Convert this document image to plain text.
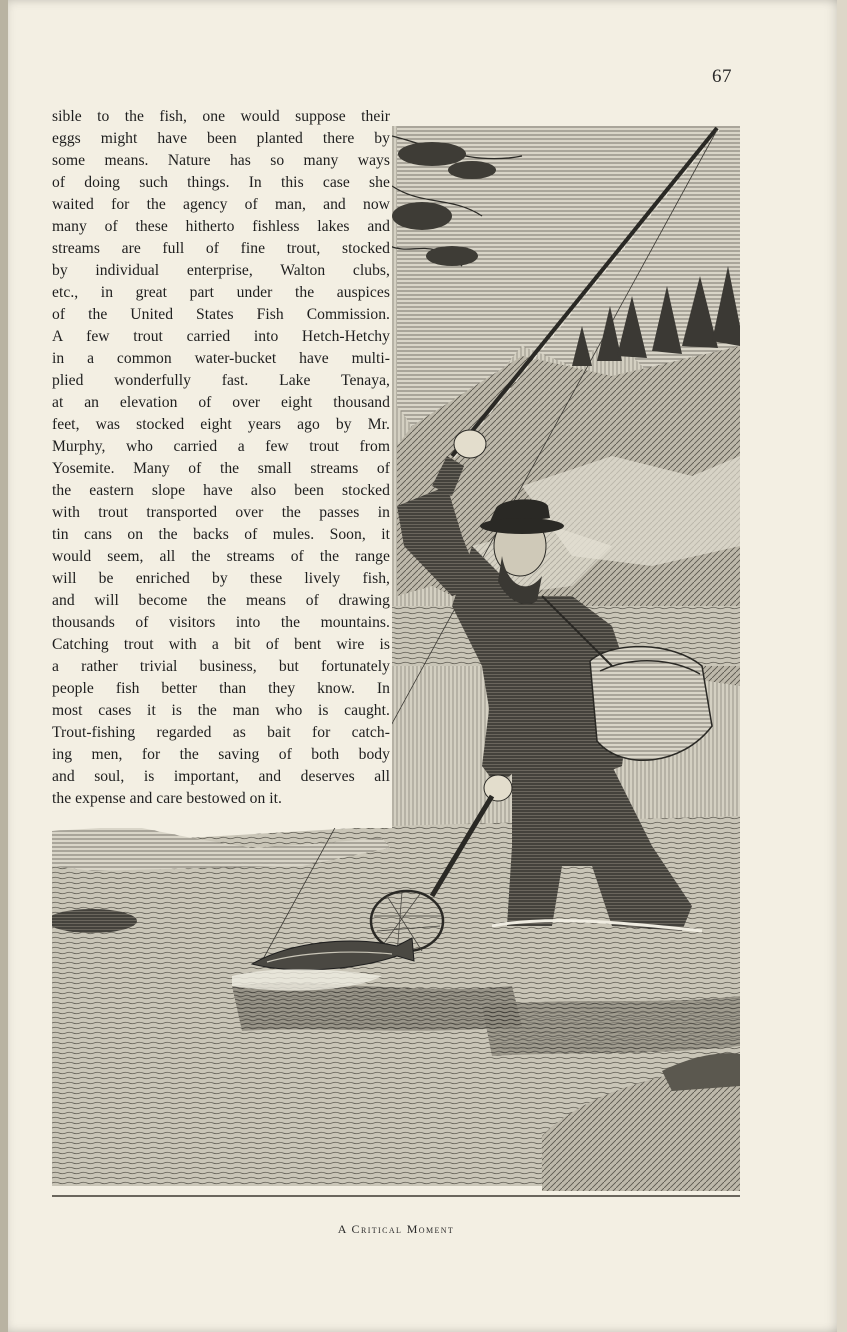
67
sible to the fish, one would suppose their
eggs might have been planted there by
some means. Nature has so many ways
of doing such things. In this case she
waited for the agency of man, and now
many of these hitherto fishless lakes and
streams are full of fine trout, stocked
by individual enterprise, Walton clubs,
etc., in great part under the auspices
of the United States Fish Commission.
A few trout carried into Hetch-Hetchy
in a common water-bucket have multi-
plied wonderfully fast. Lake Tenaya,
at an elevation of over eight thousand
feet, was stocked eight years ago by Mr.
Murphy, who carried a few trout from
Yosemite. Many of the small streams of
the eastern slope have also been stocked
with trout transported over the passes in
tin cans on the backs of mules. Soon, it
would seem, all the streams of the range
will be enriched by these lively fish,
and will become the means of drawing
thousands of visitors into the mountains.
Catching trout with a bit of bent wire is
a rather trivial business, but fortunately
people fish better than they know. In
most cases it is the man who is caught.
Trout-fishing regarded as bait for catch-
ing men, for the saving of both body
and soul, is important, and deserves all
the expense and care bestowed on it.
A Critical Moment
